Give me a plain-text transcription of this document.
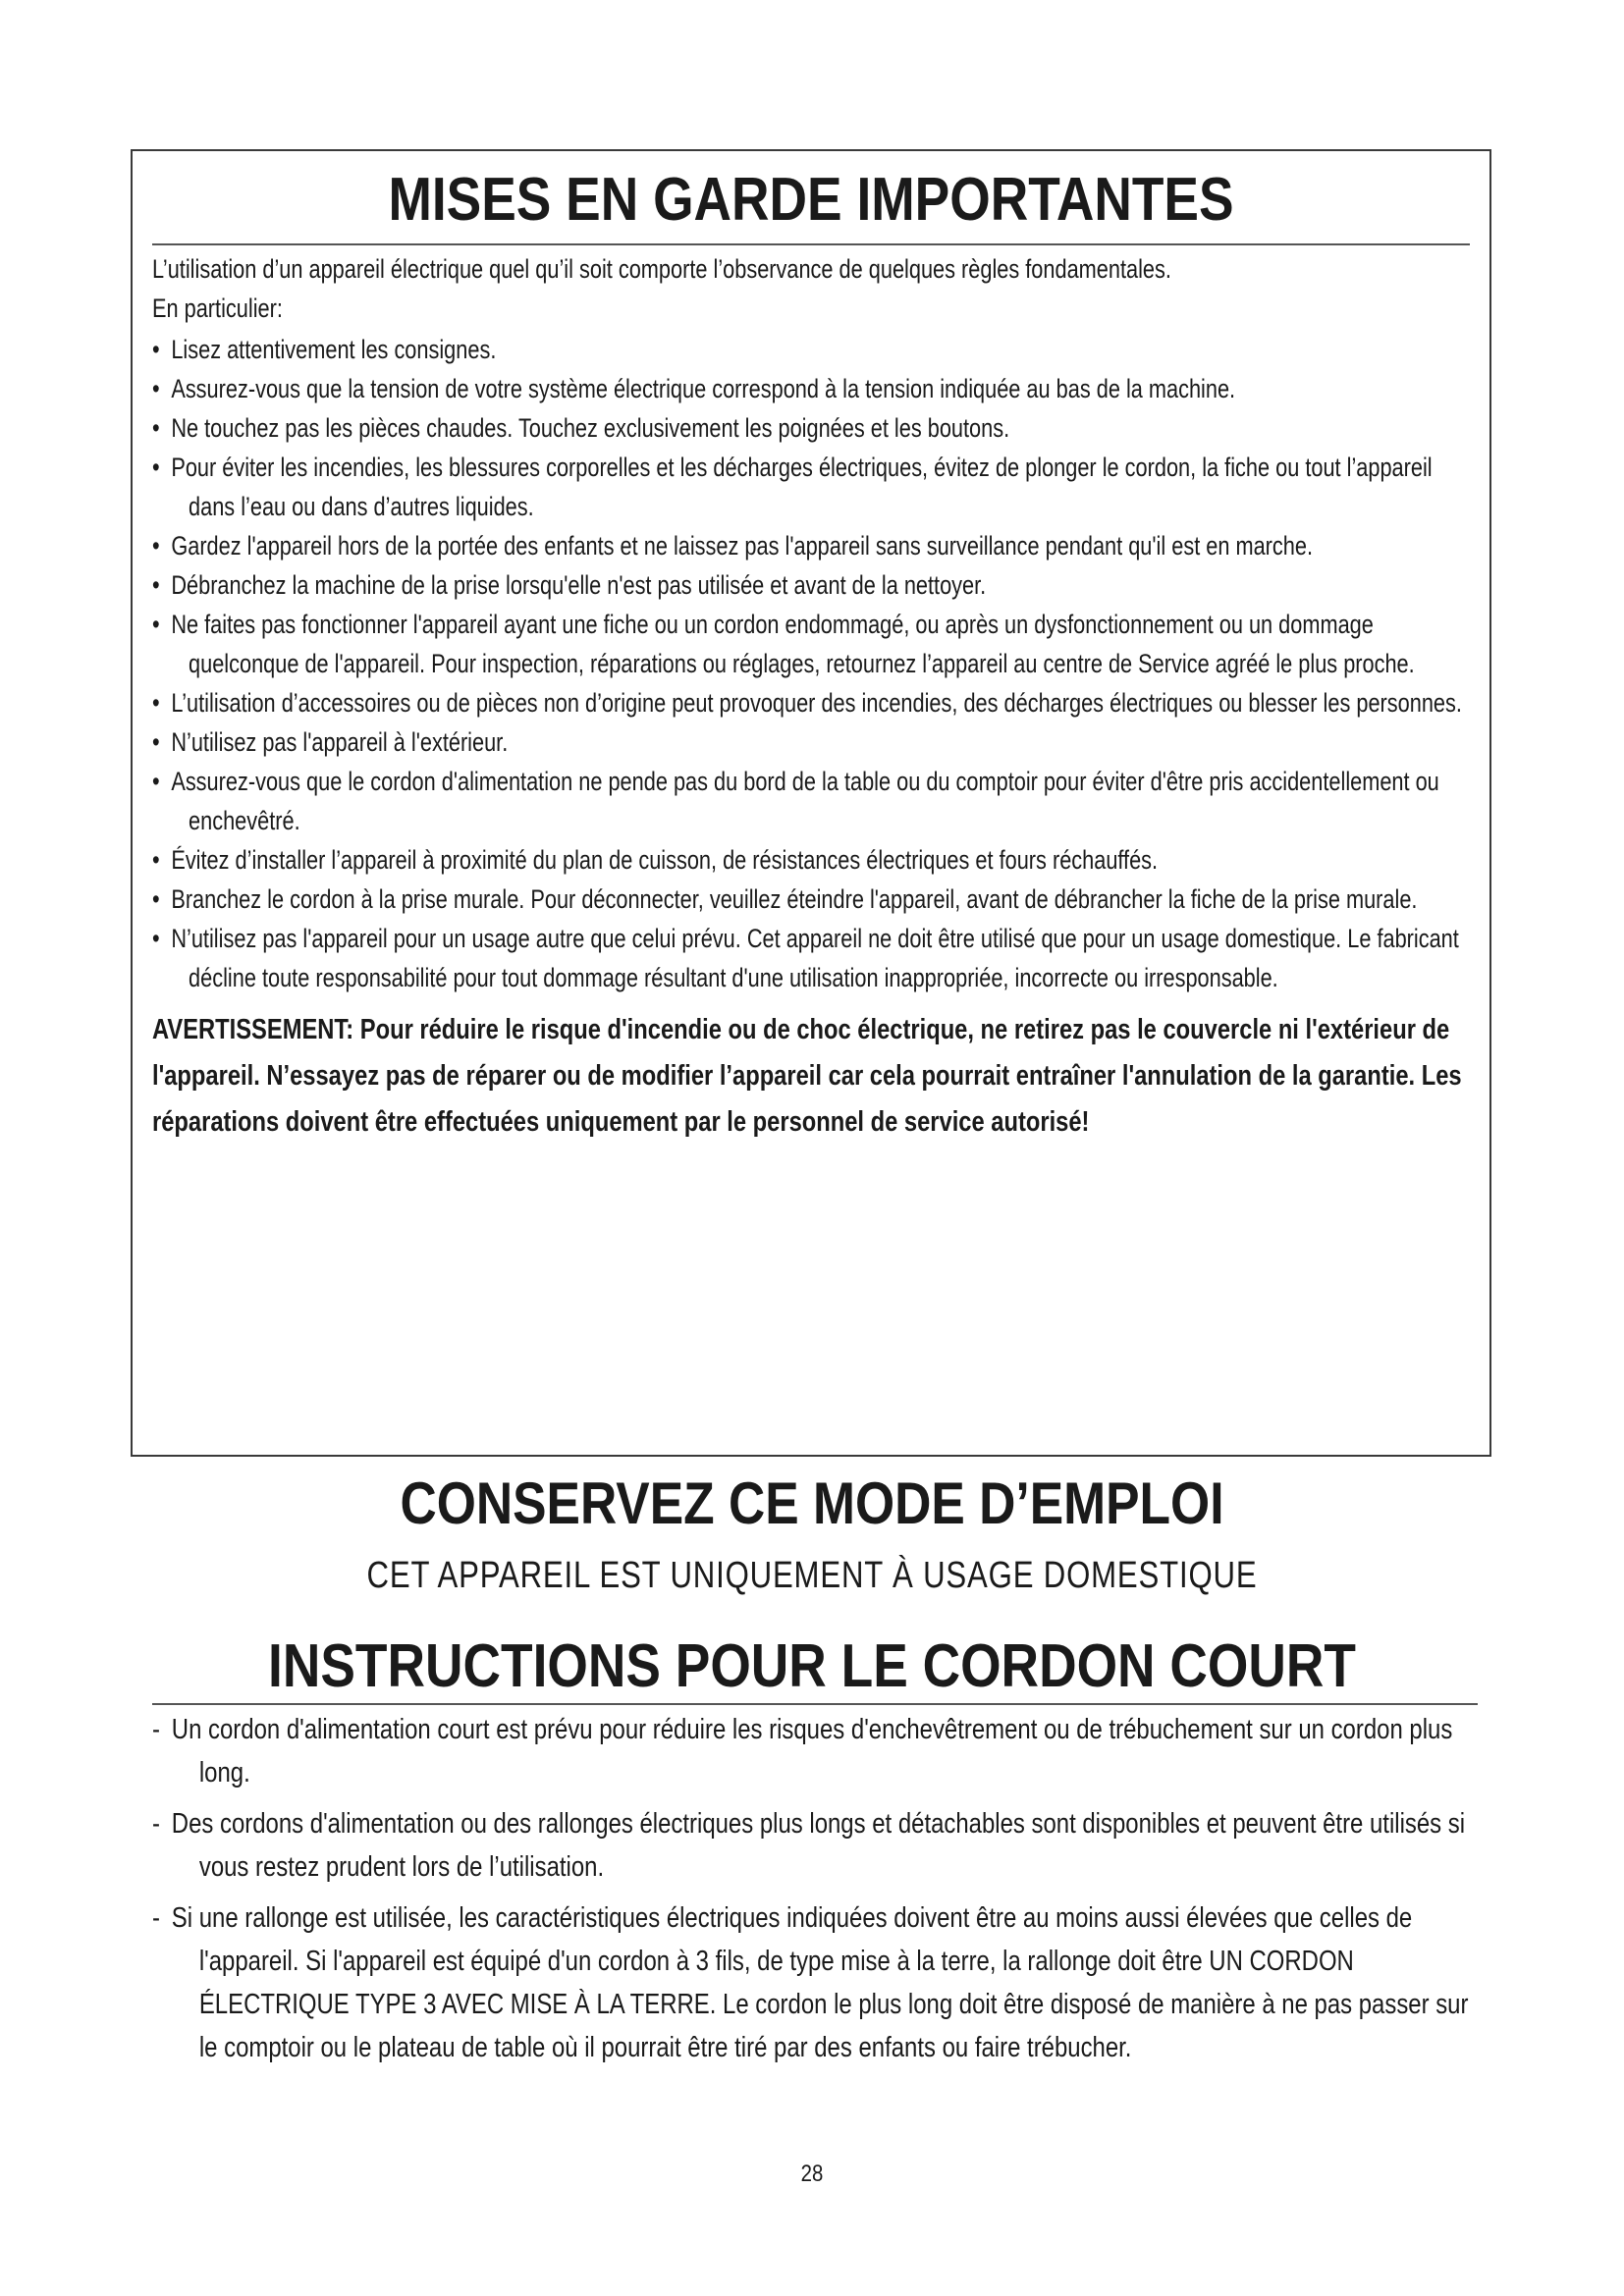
MISES EN GARDE IMPORTANTES

L’utilisation d’un appareil électrique quel qu’il soit comporte l’observance de quelques règles fondamentales.

En particulier:

• Lisez attentivement les consignes.
• Assurez-vous que la tension de votre système électrique correspond à la tension indiquée au bas de la machine.
• Ne touchez pas les pièces chaudes. Touchez exclusivement les poignées et les boutons.
• Pour éviter les incendies, les blessures corporelles et les décharges électriques, évitez de plonger le cordon, la fiche ou tout l’appareil dans l’eau ou dans d’autres liquides.
• Gardez l'appareil hors de la portée des enfants et ne laissez pas l'appareil sans surveillance pendant qu'il est en marche.
• Débranchez la machine de la prise lorsqu'elle n'est pas utilisée et avant de la nettoyer.
• Ne faites pas fonctionner l'appareil ayant une fiche ou un cordon endommagé, ou après un dysfonctionnement ou un dommage quelconque de l'appareil. Pour inspection, réparations ou réglages, retournez l’appareil au centre de Service agréé le plus proche.
• L’utilisation d’accessoires ou de pièces non d’origine peut provoquer des incendies, des décharges électriques ou blesser les personnes.
• N’utilisez pas l'appareil à l'extérieur.
• Assurez-vous que le cordon d'alimentation ne pende pas du bord de la table ou du comptoir pour éviter d'être pris accidentellement ou enchevêtré.
• Évitez d’installer l’appareil à proximité du plan de cuisson, de résistances électriques et fours réchauffés.
• Branchez le cordon à la prise murale. Pour déconnecter, veuillez éteindre l'appareil, avant de débrancher la fiche de la prise murale.
• N’utilisez pas l'appareil pour un usage autre que celui prévu. Cet appareil ne doit être utilisé que pour un usage domestique. Le fabricant décline toute responsabilité pour tout dommage résultant d'une utilisation inappropriée, incorrecte ou irresponsable.

AVERTISSEMENT: Pour réduire le risque d'incendie ou de choc électrique, ne retirez pas le couvercle ni l'extérieur de l'appareil. N’essayez pas de réparer ou de modifier l’appareil car cela pourrait entraîner l'annulation de la garantie. Les réparations doivent être effectuées uniquement par le personnel de service autorisé!

CONSERVEZ CE MODE D’EMPLOI

CET APPAREIL EST UNIQUEMENT À USAGE DOMESTIQUE

INSTRUCTIONS POUR LE CORDON COURT
- Un cordon d'alimentation court est prévu pour réduire les risques d'enchevêtrement ou de trébuchement sur un cordon plus long.
- Des cordons d'alimentation ou des rallonges électriques plus longs et détachables sont disponibles et peuvent être utilisés si vous restez prudent lors de l’utilisation.
- Si une rallonge est utilisée, les caractéristiques électriques indiquées doivent être au moins aussi élevées que celles de l'appareil. Si l'appareil est équipé d'un cordon à 3 fils, de type mise à la terre, la rallonge doit être UN CORDON ÉLECTRIQUE TYPE 3 AVEC MISE À LA TERRE. Le cordon le plus long doit être disposé de manière à ne pas passer sur le comptoir ou le plateau de table où il pourrait être tiré par des enfants ou faire trébucher.
28
